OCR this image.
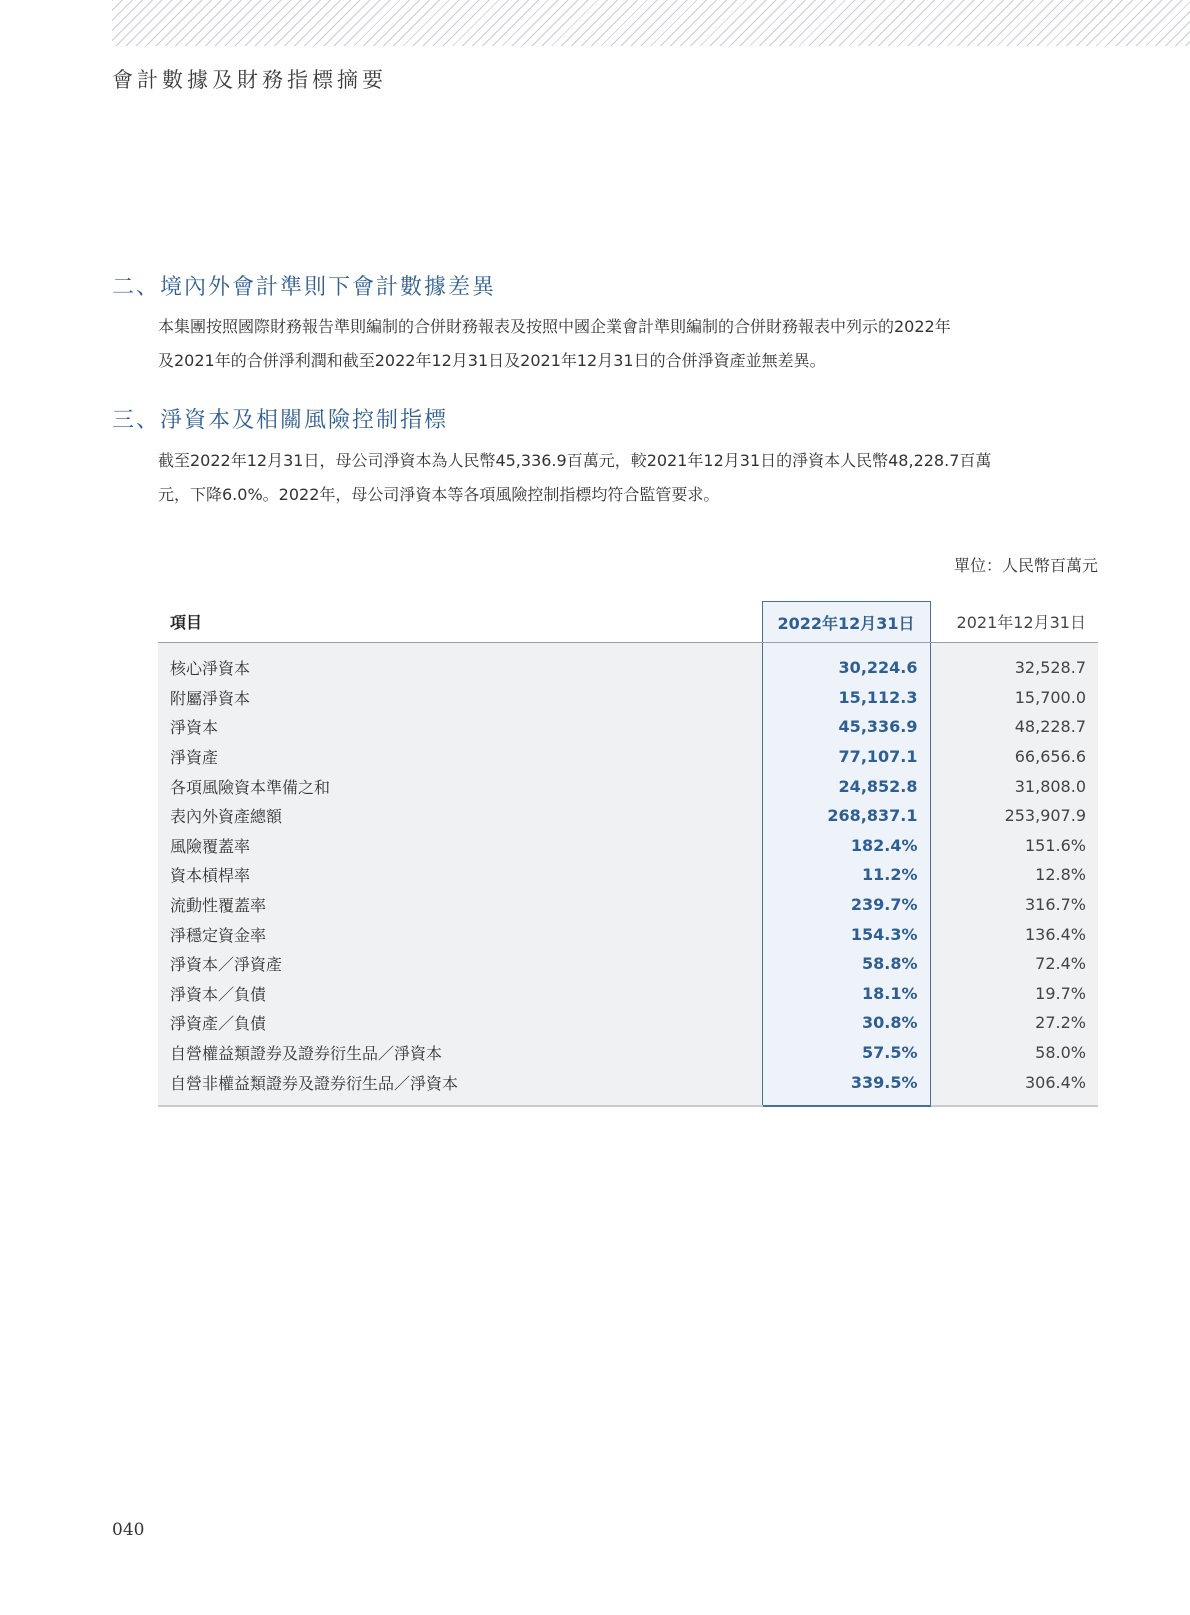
會計數據及財務指標摘要
二、境內外會計準則下會計數據差異
本集團按照國際財務報告準則編制的合併財務報表及按照中國企業會計準則編制的合併財務報表中列示的2022年
及2021年的合併淨利潤和截至2022年12月31日及2021年12月31日的合併淨資產並無差異。
三、淨資本及相關風險控制指標
截至2022年12月31日，母公司淨資本為人民幣45,336.9百萬元，較2021年12月31日的淨資本人民幣48,228.7百萬
元，下降6.0%。2022年，母公司淨資本等各項風險控制指標均符合監管要求。
單位：人民幣百萬元
項目	2022年12月31日	2021年12月31日
核心淨資本	30,224.6	32,528.7
附屬淨資本	15,112.3	15,700.0
淨資本	45,336.9	48,228.7
淨資產	77,107.1	66,656.6
各項風險資本準備之和	24,852.8	31,808.0
表內外資產總額	268,837.1	253,907.9
風險覆蓋率	182.4%	151.6%
資本槓桿率	11.2%	12.8%
流動性覆蓋率	239.7%	316.7%
淨穩定資金率	154.3%	136.4%
淨資本／淨資產	58.8%	72.4%
淨資本／負債	18.1%	19.7%
淨資產／負債	30.8%	27.2%
自營權益類證券及證券衍生品／淨資本	57.5%	58.0%
自營非權益類證券及證券衍生品／淨資本	339.5%	306.4%
040
